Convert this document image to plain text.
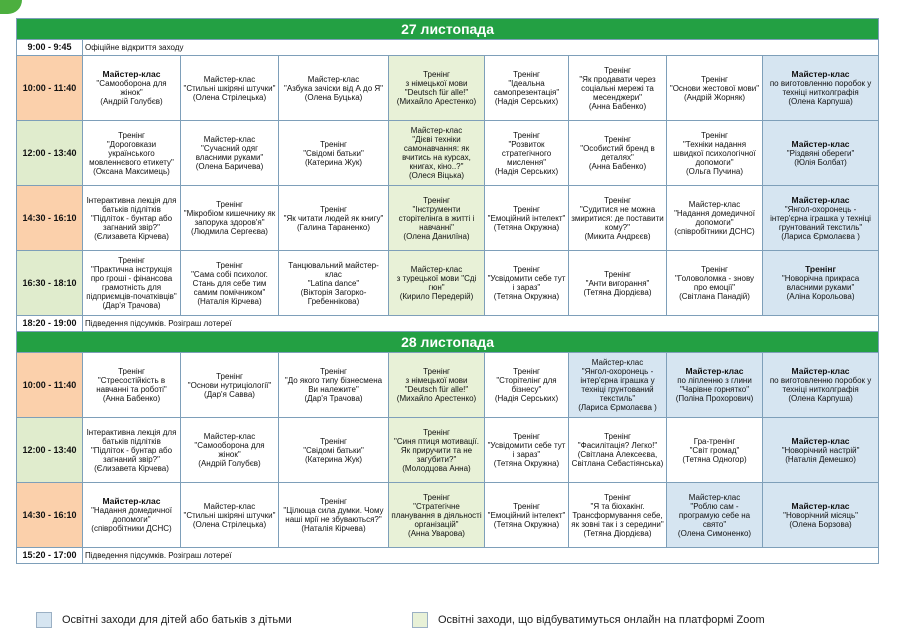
27 листопада								
9:00 - 9:45	Офіційне відкриття заходу							
10:00 - 11:40	Майстер-клас
"Самооборона для жінок"
(Андрій Голубєв)	Майстер-клас
"Стильні шкіряні штучки"
(Олена Стрілецька)	Майстер-клас
"Азбука зачіски від А до Я"
(Олена Буцька)	Тренінг
з німецької мови "Deutsch für alle!"
(Михайло Арестенко)	Тренінг
"Ідеальна самопрезентація"
(Надія Серських)	Тренінг
"Як продавати через соціальні мережі та месенджери"
(Анна Бабенко)	Тренінг
"Основи жестової мови"
(Андрій Жорняк)	Майстер-клас
по виготовленню поробок у техніці нитколграфія
(Олена Карпуша)

12:00 - 13:40	Тренінг
"Дороговкази українського мовленнєвого етикету"
(Оксана Максимець)	Майстер-клас
"Сучасний одяг власними руками"
(Олена Баричева)	Тренінг
"Свідомі батьки"
(Катерина Жук)	Майстер-клас
"Дієві техніки самонавчання: як вчитись на курсах, книгах, кіно..?"
(Олеся Віцька)	Тренінг
"Розвиток стратегічного мислення"
(Надія Серських)	Тренінг
"Особистий бренд в деталях"
(Анна Бабенко)	Тренінг
"Техніки надання швидкої психологічної допомоги"
(Ольга Пучина)	Майстер-клас
"Різдвяні обереги"
(Юлія Болбат)

14:30 - 16:10	Інтерактивна лекція для батьків підлітків
"Підліток - бунтар або загнаний звір?"
(Єлизавета Кірчева)	Тренінг
"Мікробіом кишечнику як запорука здоров'я"
(Людмила Сергеєва)	Тренінг
"Як читати людей як книгу"
(Галина Тараненко)	Тренінг
"Інструменти сторітелінга в житті і навчанні"
(Олена Данилїна)	Тренінг
"Емоційний інтелект"
(Тетяна Окружна)	Тренінг
"Судитися не можна змиритися: де поставити кому?"
(Микита Андрєєв)	Майстер-клас
"Надання домедичної допомоги"
(співробітники ДСНС)	Майстер-клас
"Янгол-охоронець - інтер'єрна іграшка у техніці грунтований текстиль"
(Лариса Єрмолаєва )

16:30 - 18:10	Тренінг
"Практична інструкція про гроші - фінансова грамотність для підприємців-початківців"
(Дар'я Трачова)	Тренінг
"Сама собі психолог. Стань для себе тим самим помічником"
(Наталія Кірчева)	Танцювальний майстер-клас
"Latina dance"
(Вікторія Загорко-Гребеннікова)	Майстер-клас
з турецької мови "Сді гюн"
(Кирило Передерій)	Тренінг
"Усвідомити себе тут і зараз"
(Тетяна Окружна)	Тренінг
"Анти вигорання"
(Тетяна Діордієва)	Тренінг
"Головоломка - знову про емоції"
(Світлана Панадій)	Тренінг
"Новорічна прикраса власними руками"
(Аліна Корольова)

18:20 - 19:00	Підведення підсумків. Розіграш лотереї							
28 листопада								
10:00 - 11:40	Тренінг
"Стресостійкість в навчанні та роботі"
(Анна Бабенко)	Тренінг
"Основи нутриціології"
(Дар'я Савва)	Тренінг
"До якого типу бізнесмена Ви належите"
(Дар'я Трачова)	Тренінг
з німецької мови "Deutsch für alle!"
(Михайло Арестенко)	Тренінг
"Сторітелінг для бізнесу"
(Надія Серських)	Майстер-клас
"Янгол-охоронець - інтер'єрна іграшка у техніці грунтований текстиль"
(Лариса Єрмолаєва )	Майстер-клас
по ліпленню з глини "Чарівне горнятко"
(Поліна Прохорович)	Майстер-клас
по виготовленню поробок у техніці нитколграфія
(Олена Карпуша)

12:00 - 13:40	Інтерактивна лекція для батьків підлітків
"Підліток - бунтар або загнаний звір?"
(Єлизавета Кірчева)	Майстер-клас
"Самооборона для жінок"
(Андрій Голубєв)	Тренінг
"Свідомі батьки"
(Катерина Жук)	Тренінг
"Синя птиця мотивації. Як приручити та не загубити?"
(Молодцова Анна)	Тренінг
"Усвідомити себе тут і зараз"
(Тетяна Окружна)	Тренінг
"Фасилітація? Легко!"
(Світлана Алексеєва, Світлана Себастіянська)	Гра-тренінг
"Світ громад"
(Тетяна Одногор)	Майстер-клас
"Новорічний настрій"
(Наталія Демешко)

14:30 - 16:10	Майстер-клас
"Надання домедичної допомоги"
(співробітники ДСНС)	Майстер-клас
"Стильні шкіряні штучки"
(Олена Стрілецька)	Тренінг
"Цілюща сила думки. Чому наші мрії не збуваються?"
(Наталія Кірчева)	Тренінг
"Стратегічне планування в діяльності організацій"
(Анна Уварова)	Тренінг
"Емоційний інтелект"
(Тетяна Окружна)	Тренінг
"Я та біохакінг. Трансформування себе, як зовні так і з середини"
(Тетяна Діордієва)	Майстер-клас
"Роблю сам - програмую себе на свято"
(Олена Симоненко)	Майстер-клас
"Новорічний місяць"
(Олена Борзова)

15:20 - 17:00	Підведення підсумків. Розіграш лотереї							
Освітні заходи для дітей або батьків з дітьми	Освітні заходи, що відбуватимуться онлайн на платформі Zoom
